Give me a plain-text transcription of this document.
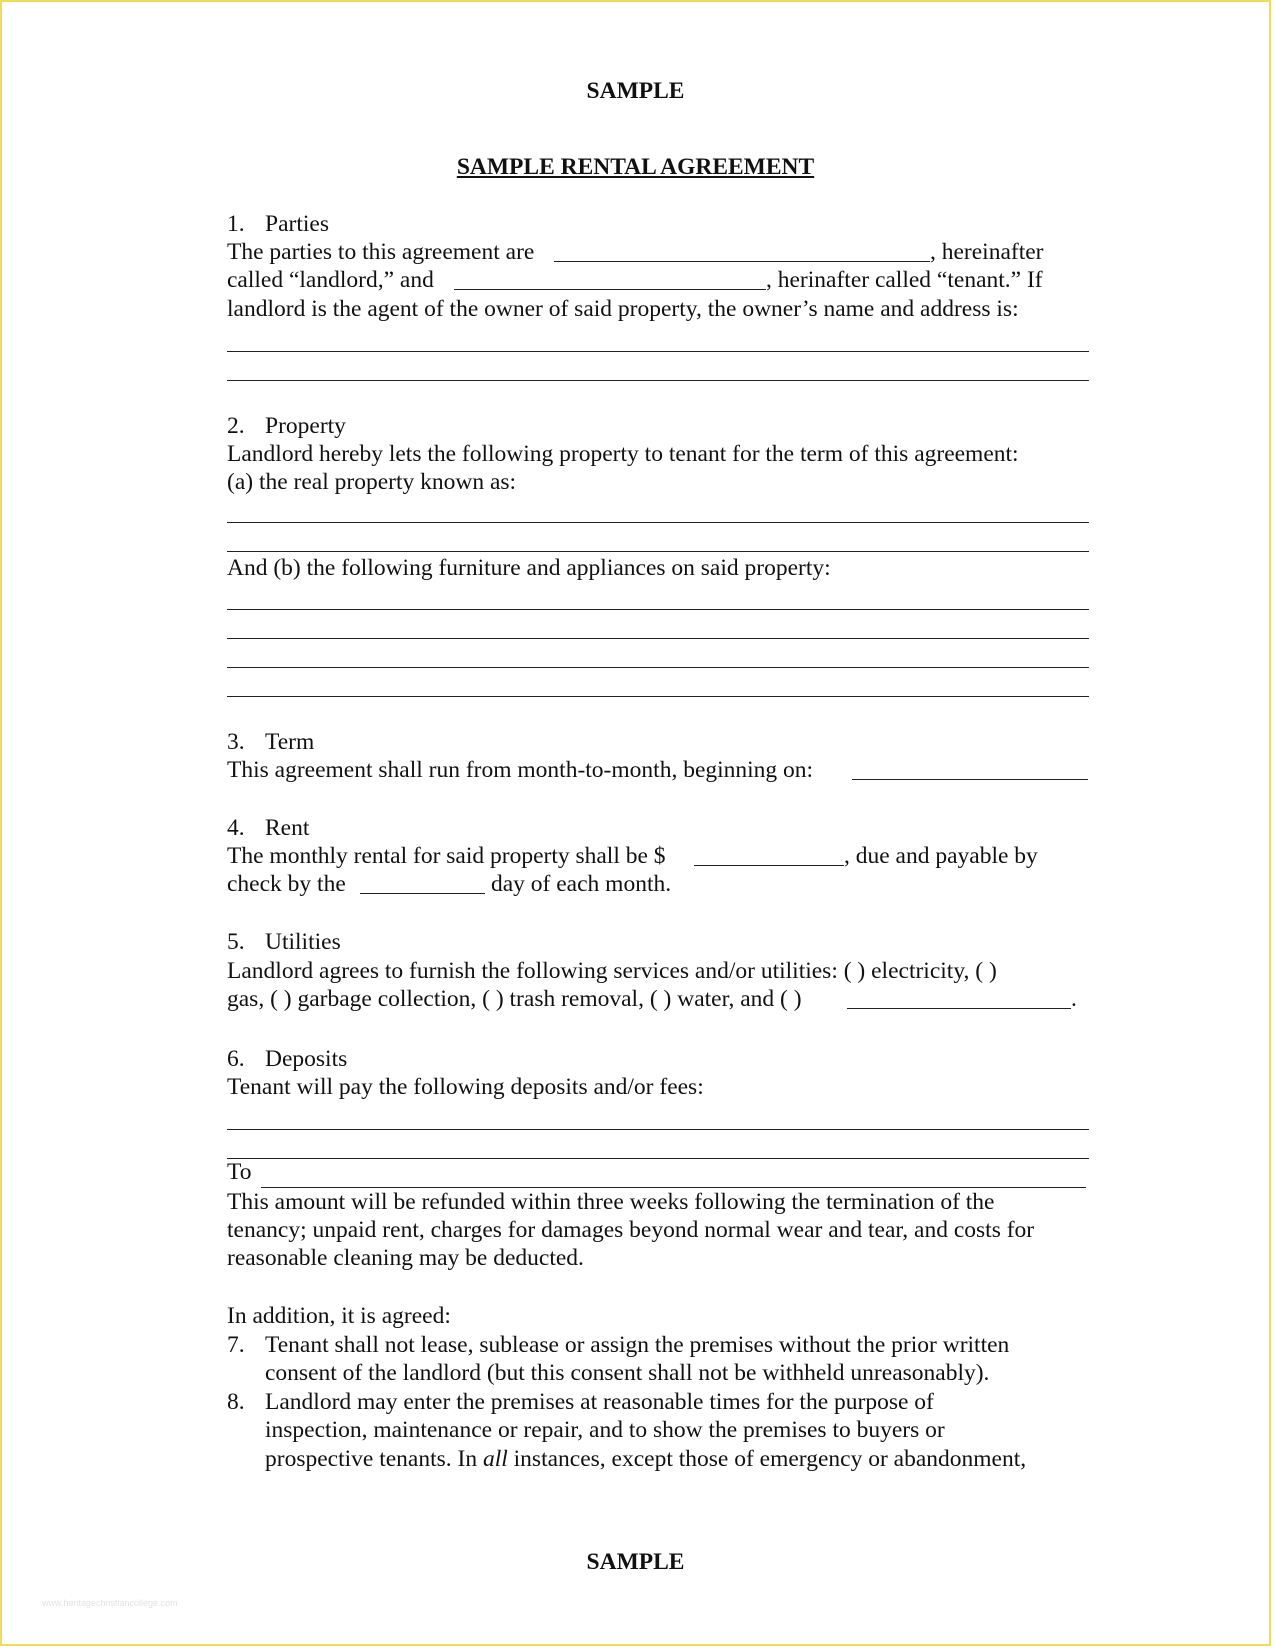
SAMPLE
SAMPLE RENTAL AGREEMENT
1. Parties
The parties to this agreement are	, hereinafter
called “landlord,” and	, herinafter called “tenant.” If
landlord is the agent of the owner of said property, the owner’s name and address is:
2. Property
Landlord hereby lets the following property to tenant for the term of this agreement:
(a) the real property known as:
And (b) the following furniture and appliances on said property:
3. Term
This agreement shall run from month-to-month, beginning on:
4. Rent
The monthly rental for said property shall be $	, due and payable by
check by the	day of each month.
5. Utilities
Landlord agrees to furnish the following services and/or utilities: ( ) electricity, ( )
gas, ( ) garbage collection, ( ) trash removal, ( ) water, and ( )	.
6. Deposits
Tenant will pay the following deposits and/or fees:
To
This amount will be refunded within three weeks following the termination of the
tenancy; unpaid rent, charges for damages beyond normal wear and tear, and costs for
reasonable cleaning may be deducted.
In addition, it is agreed:
7. Tenant shall not lease, sublease or assign the premises without the prior written
consent of the landlord (but this consent shall not be withheld unreasonably).
8. Landlord may enter the premises at reasonable times for the purpose of
inspection, maintenance or repair, and to show the premises to buyers or
prospective tenants. In all instances, except those of emergency or abandonment,
SAMPLE
www.heritagechristiancollege.com
